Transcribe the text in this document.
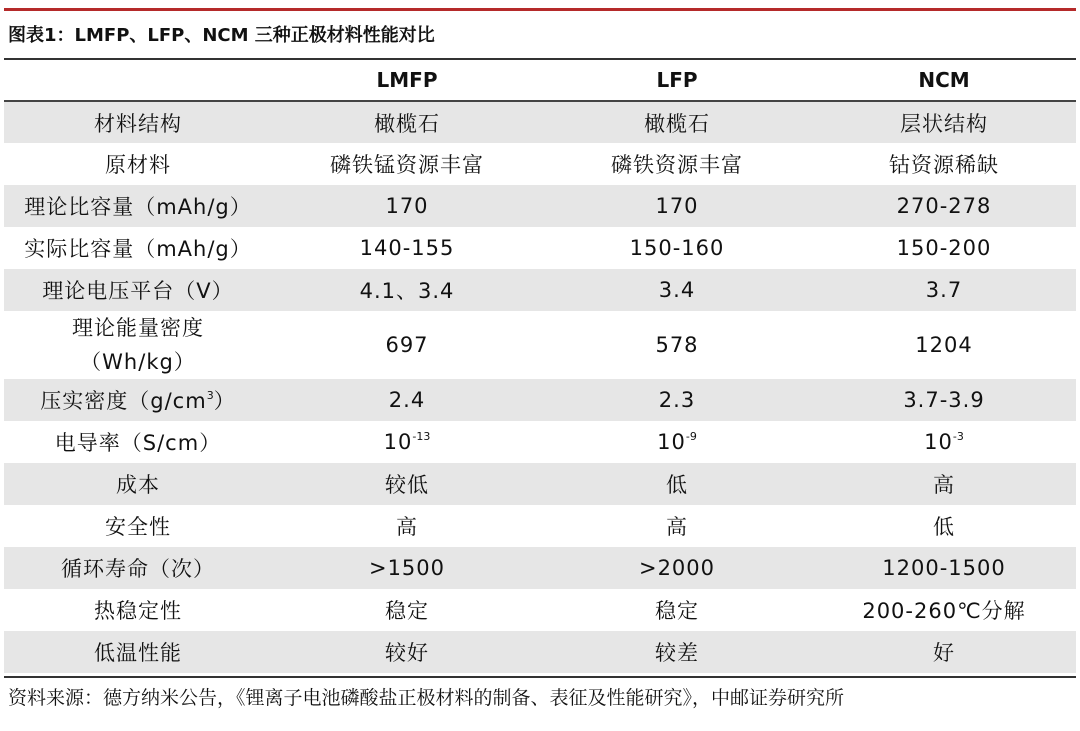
图表1：LMFP、LFP、NCM 三种正极材料性能对比
	LMFP	LFP	NCM
材料结构	橄榄石	橄榄石	层状结构
原材料	磷铁锰资源丰富	磷铁资源丰富	钴资源稀缺
理论比容量（mAh/g）	170	170	270-278
实际比容量（mAh/g）	140-155	150-160	150-200
理论电压平台（V）	4.1、3.4	3.4	3.7

理论能量密度
（Wh/kg）	697	578	1204
压实密度$(g/cm^3)$	2.4	2.3	3.7-3.9
电导率（S/cm）	$10^{-13}$	$10^{-9}$	$10^{-3}$
成本	较低	低	高
安全性	高	高	低
循环寿命（次）	>1500	>2000	1200-1500
热稳定性	稳定	稳定	200-260℃分解
低温性能	较好	较差	好
资料来源：德方纳米公告，《锂离子电池磷酸盐正极材料的制备、表征及性能研究》，中邮证券研究所
